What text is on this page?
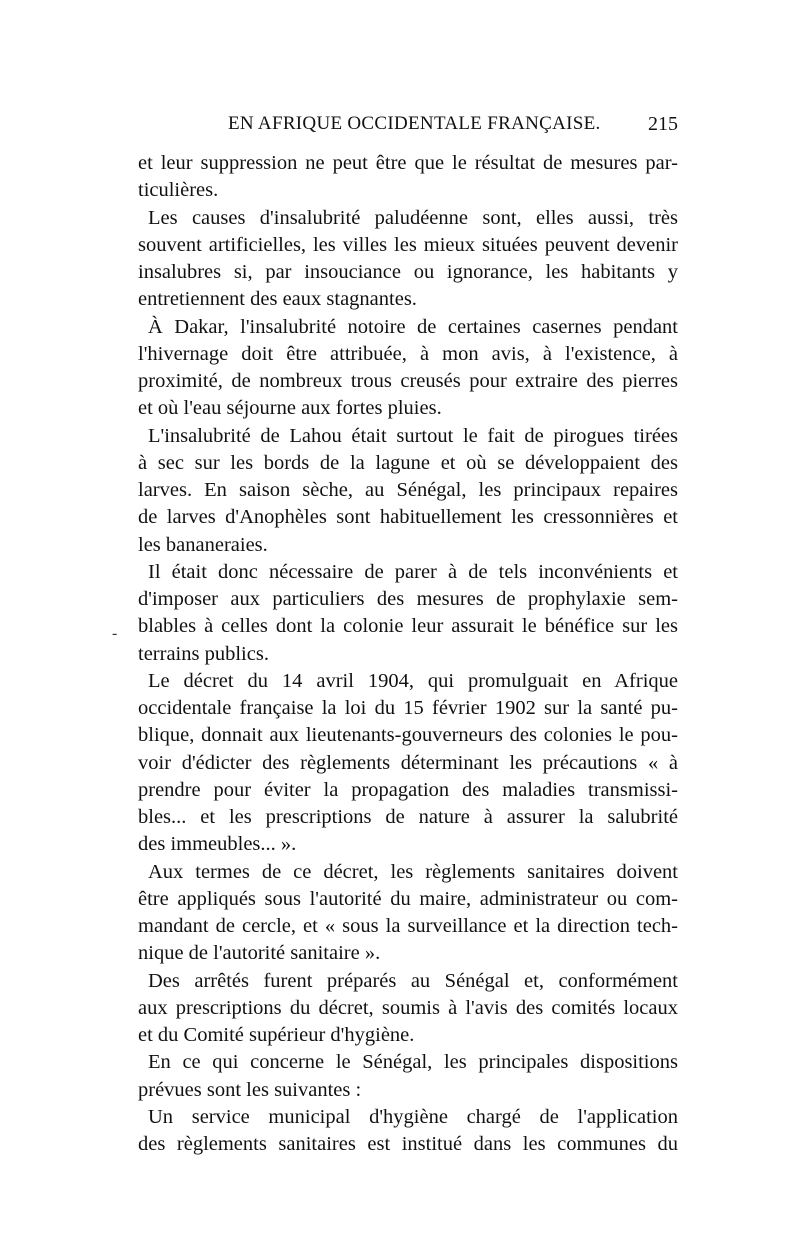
EN AFRIQUE OCCIDENTALE FRANÇAISE. 215
-
et leur suppression ne peut être que le résultat de mesures par-
ticulières.
Les causes d'insalubrité paludéenne sont, elles aussi, très
souvent artificielles, les villes les mieux situées peuvent devenir
insalubres si, par insouciance ou ignorance, les habitants y
entretiennent des eaux stagnantes.
À Dakar, l'insalubrité notoire de certaines casernes pendant
l'hivernage doit être attribuée, à mon avis, à l'existence, à
proximité, de nombreux trous creusés pour extraire des pierres
et où l'eau séjourne aux fortes pluies.
L'insalubrité de Lahou était surtout le fait de pirogues tirées
à sec sur les bords de la lagune et où se développaient des
larves. En saison sèche, au Sénégal, les principaux repaires
de larves d'Anophèles sont habituellement les cressonnières et
les bananeraies.
Il était donc nécessaire de parer à de tels inconvénients et
d'imposer aux particuliers des mesures de prophylaxie sem-
blables à celles dont la colonie leur assurait le bénéfice sur les
terrains publics.
Le décret du 14 avril 1904, qui promulguait en Afrique
occidentale française la loi du 15 février 1902 sur la santé pu-
blique, donnait aux lieutenants-gouverneurs des colonies le pou-
voir d'édicter des règlements déterminant les précautions « à
prendre pour éviter la propagation des maladies transmissi-
bles... et les prescriptions de nature à assurer la salubrité
des immeubles... ».
Aux termes de ce décret, les règlements sanitaires doivent
être appliqués sous l'autorité du maire, administrateur ou com-
mandant de cercle, et « sous la surveillance et la direction tech-
nique de l'autorité sanitaire ».
Des arrêtés furent préparés au Sénégal et, conformément
aux prescriptions du décret, soumis à l'avis des comités locaux
et du Comité supérieur d'hygiène.
En ce qui concerne le Sénégal, les principales dispositions
prévues sont les suivantes :
Un service municipal d'hygiène chargé de l'application
des règlements sanitaires est institué dans les communes du
